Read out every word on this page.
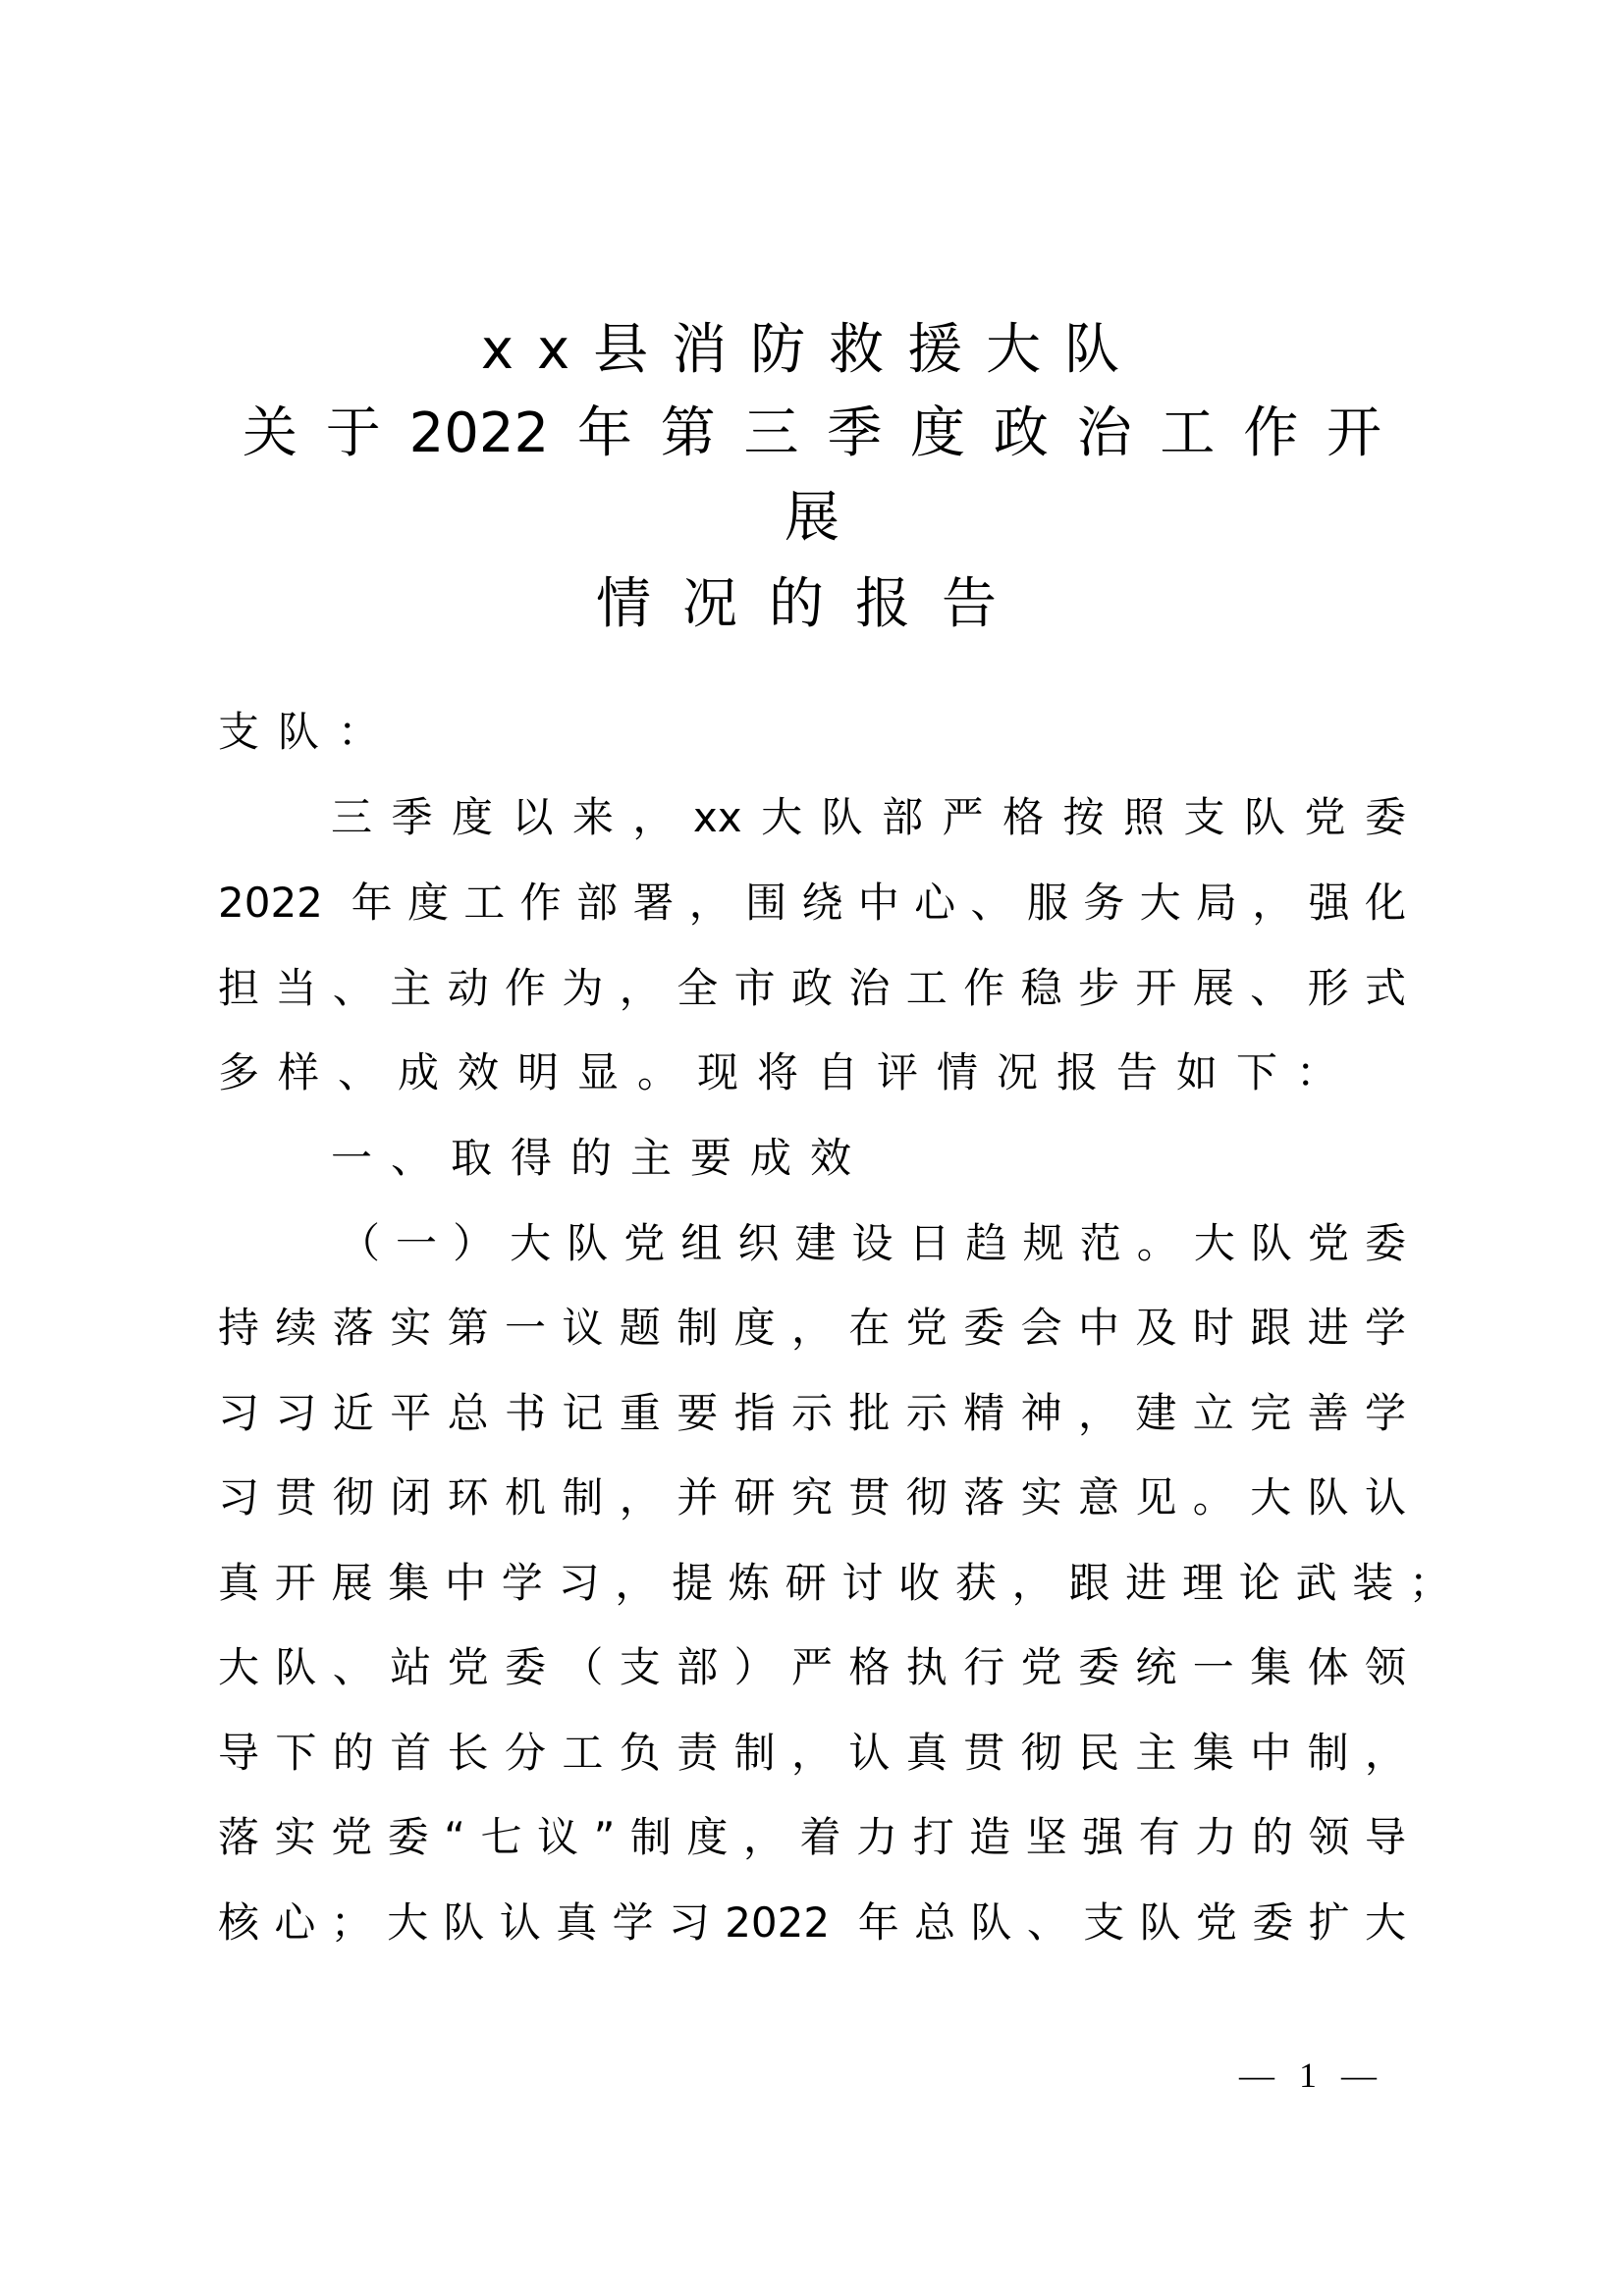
xx县消防救援大队
关​于​2​0​2​2​年​第​三​季​度​政​治​工​作​开
展
情况的报告
支队：
三​季​度​以​来​，​x​x​大​队​部​严​格​按​照​支​队​党​委
2​0​2​2​ ​年​度​工​作​部​署​，​围​绕​中​心​、​服​务​大​局​，​强​化
担​当​、​主​动​作​为​，​全​市​政​治​工​作​稳​步​开​展​、​形​式
多样、成效明显。现将自评情况报告如下：
一、取得的主要成效
（​一​）​大​队​党​组​织​建​设​日​趋​规​范​。​大​队​党​委
持​续​落​实​第​一​议​题​制​度​，​在​党​委​会​中​及​时​跟​进​学
习​习​近​平​总​书​记​重​要​指​示​批​示​精​神​，​建​立​完​善​学
习​贯​彻​闭​环​机​制​，​并​研​究​贯​彻​落​实​意​见​。​大​队​认
真​开​展​集​中​学​习​，​提​炼​研​讨​收​获​，​跟​进​理​论​武​装​；
大​队​、​站​党​委​（​支​部​）​严​格​执​行​党​委​统​一​集​体​领
导​下​的​首​长​分​工​负​责​制​，​认​真​贯​彻​民​主​集​中​制​，
落​实​党​委​“​七​议​”​制​度​，​着​力​打​造​坚​强​有​力​的​领​导
核​心​；​大​队​认​真​学​习​2​0​2​2​ ​年​总​队​、​支​队​党​委​扩​大
— 1 —
